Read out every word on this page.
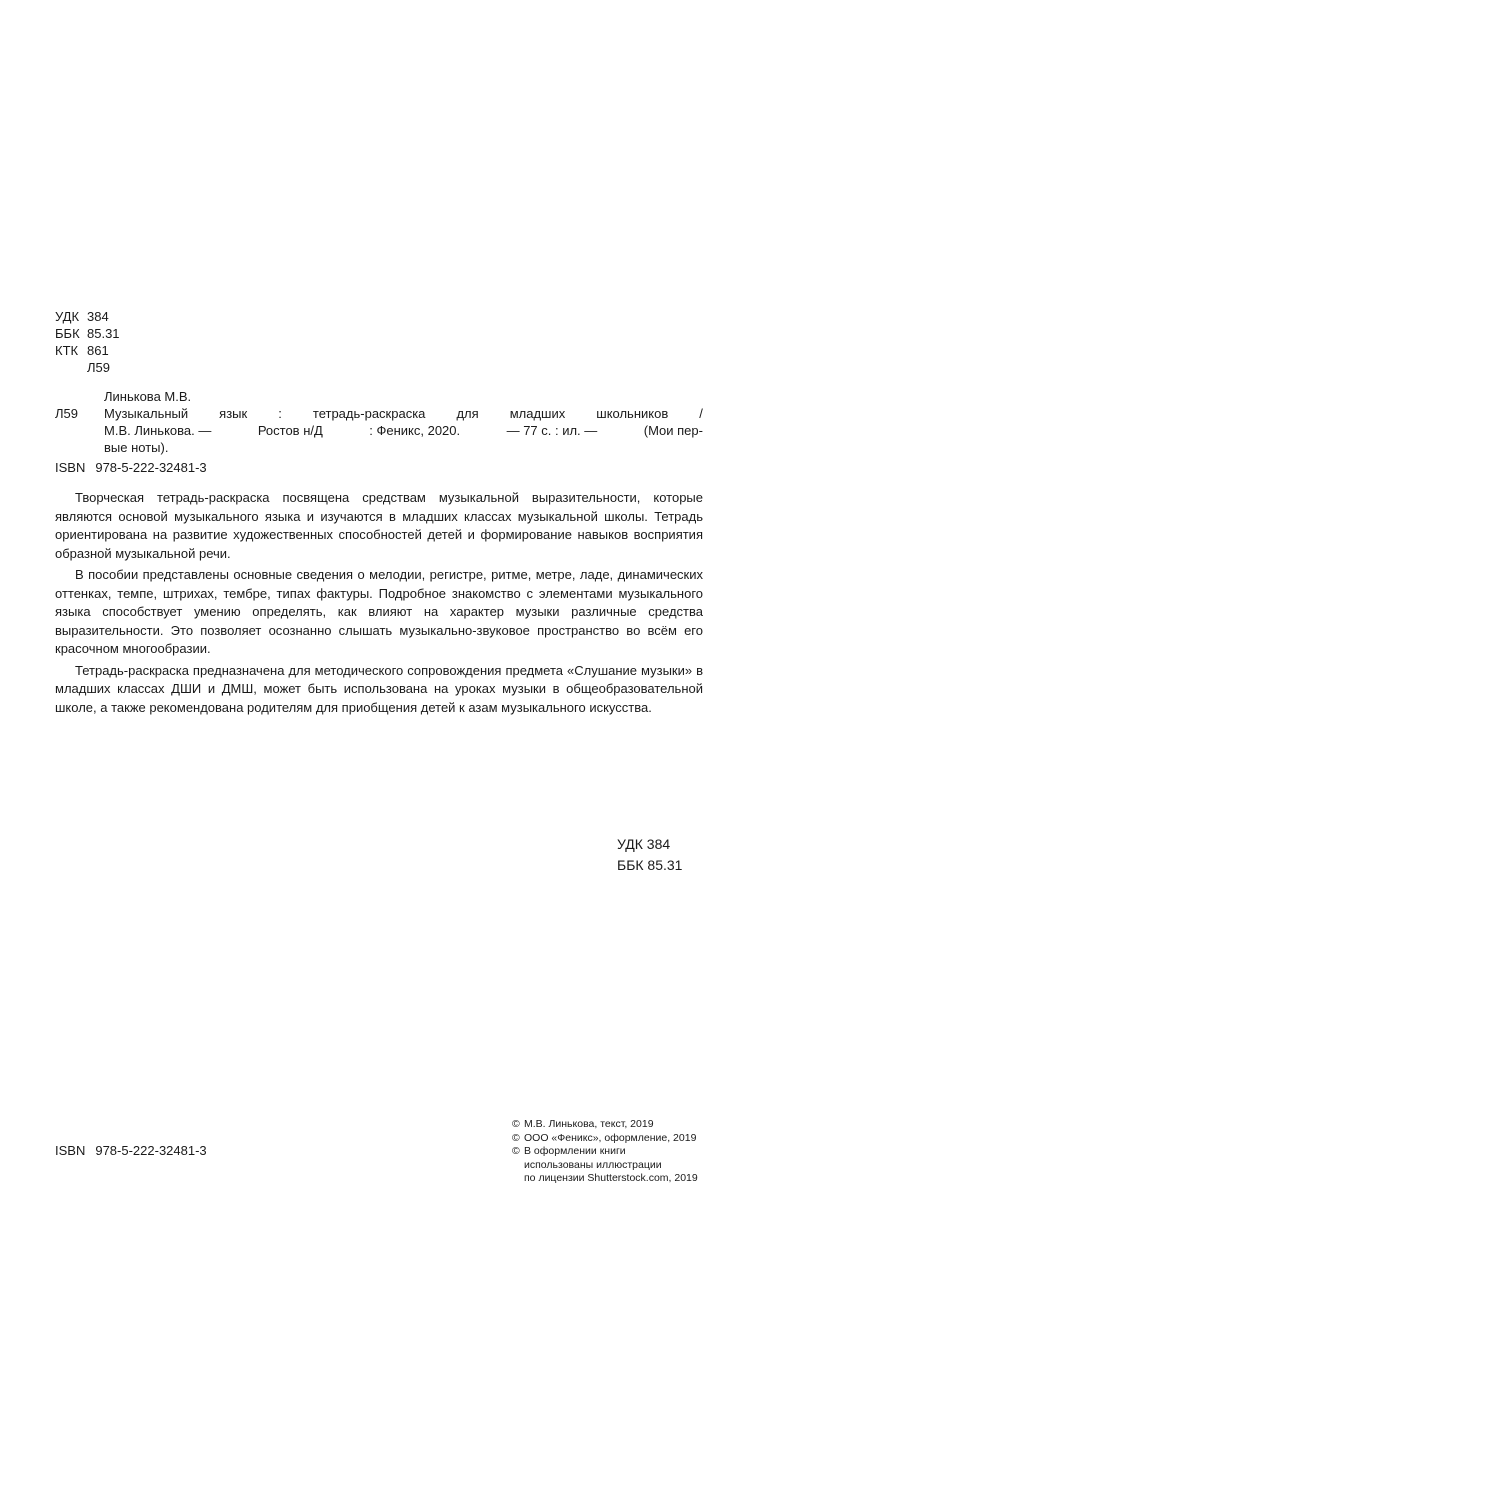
УДК 384
ББК 85.31
КТК 861
Л59
Линькова М.В.
Л59	Музыкальный язык : тетрадь-раскраска для младших школьников /
М.В. Линькова. —	Ростов н/Д	: Феникс, 2020.	— 77 с. : ил. —	(Мои пер-
вые ноты).
ISBN 978-5-222-32481-3

Творческая тетрадь-раскраска посвящена средствам музыкальной выразительности, которые являются основой музыкального языка и изучаются в младших классах музыкальной школы. Тетрадь ориентирована на развитие художественных способностей детей и формирование навыков восприятия образной музыкальной речи.

В пособии представлены основные сведения о мелодии, регистре, ритме, метре, ладе, динамических оттенках, темпе, штрихах, тембре, типах фактуры. Подробное знакомство с элементами музыкального языка способствует умению определять, как влияют на характер музыки различные средства выразительности. Это позволяет осознанно слышать музыкально-звуковое пространство во всём его красочном многообразии.

Тетрадь-раскраска предназначена для методического сопровождения предмета «Слушание музыки» в младших классах ДШИ и ДМШ, может быть использована на уроках музыки в общеобразовательной школе, а также рекомендована родителям для приобщения детей к азам музыкального искусства.

УДК 384
ББК 85.31
ISBN 978-5-222-32481-3
© М.В. Линькова, текст, 2019
© ООО «Феникс», оформление, 2019
© В оформлении книги
использованы иллюстрации
по лицензии Shutterstock.com, 2019
